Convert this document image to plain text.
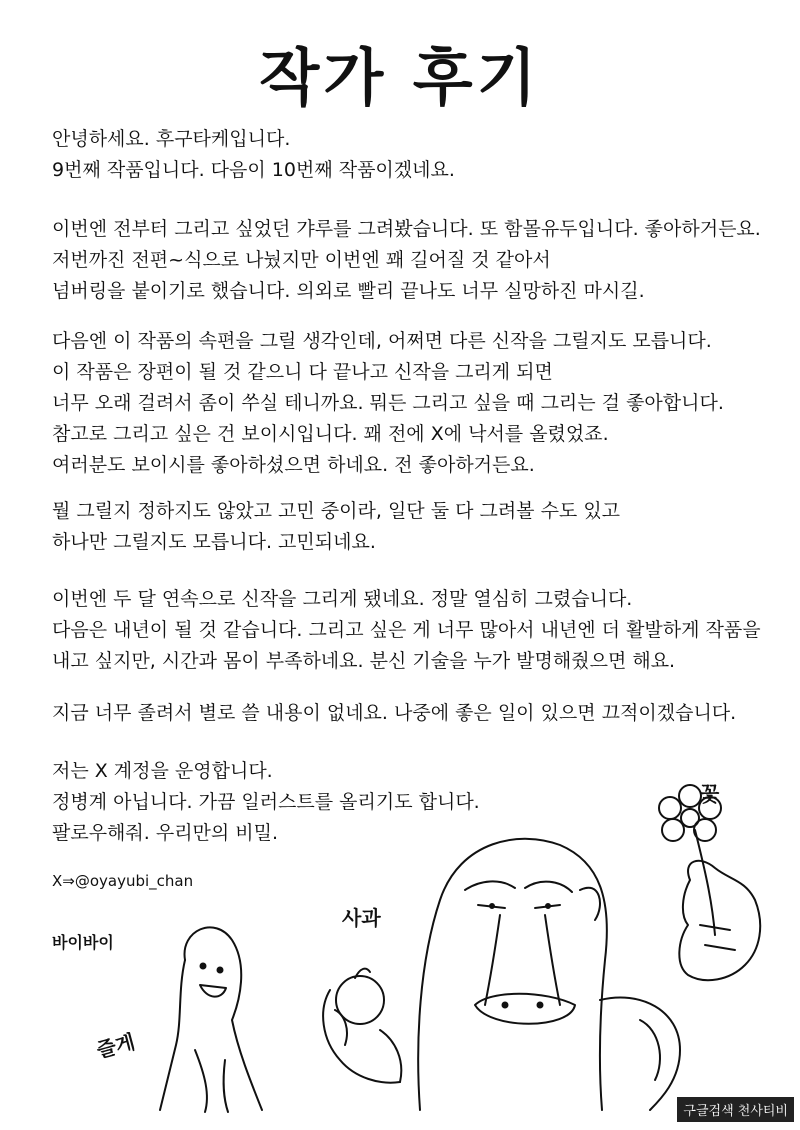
작가 후기

안녕하세요. 후구타케입니다.

9번째 작품입니다. 다음이 10번째 작품이겠네요.

이번엔 전부터 그리고 싶었던 갸루를 그려봤습니다. 또 함몰유두입니다. 좋아하거든요.

저번까진 전편~식으로 나눴지만 이번엔 꽤 길어질 것 같아서

넘버링을 붙이기로 했습니다. 의외로 빨리 끝나도 너무 실망하진 마시길.

다음엔 이 작품의 속편을 그릴 생각인데, 어쩌면 다른 신작을 그릴지도 모릅니다.

이 작품은 장편이 될 것 같으니 다 끝나고 신작을 그리게 되면

너무 오래 걸려서 좀이 쑤실 테니까요. 뭐든 그리고 싶을 때 그리는 걸 좋아합니다.

참고로 그리고 싶은 건 보이시입니다. 꽤 전에 X에 낙서를 올렸었죠.

여러분도 보이시를 좋아하셨으면 하네요. 전 좋아하거든요.

뭘 그릴지 정하지도 않았고 고민 중이라, 일단 둘 다 그려볼 수도 있고

하나만 그릴지도 모릅니다. 고민되네요.

이번엔 두 달 연속으로 신작을 그리게 됐네요. 정말 열심히 그렸습니다.

다음은 내년이 될 것 같습니다. 그리고 싶은 게 너무 많아서 내년엔 더 활발하게 작품을

내고 싶지만, 시간과 몸이 부족하네요. 분신 기술을 누가 발명해줬으면 해요.

지금 너무 졸려서 별로 쓸 내용이 없네요. 나중에 좋은 일이 있으면 끄적이겠습니다.

저는 X 계정을 운영합니다.

정병계 아닙니다. 가끔 일러스트를 올리기도 합니다.

팔로우해줘. 우리만의 비밀.

X⇒@oyayubi_chan
바이바이
꽃
사과
즐게
구글검색 천사티비
